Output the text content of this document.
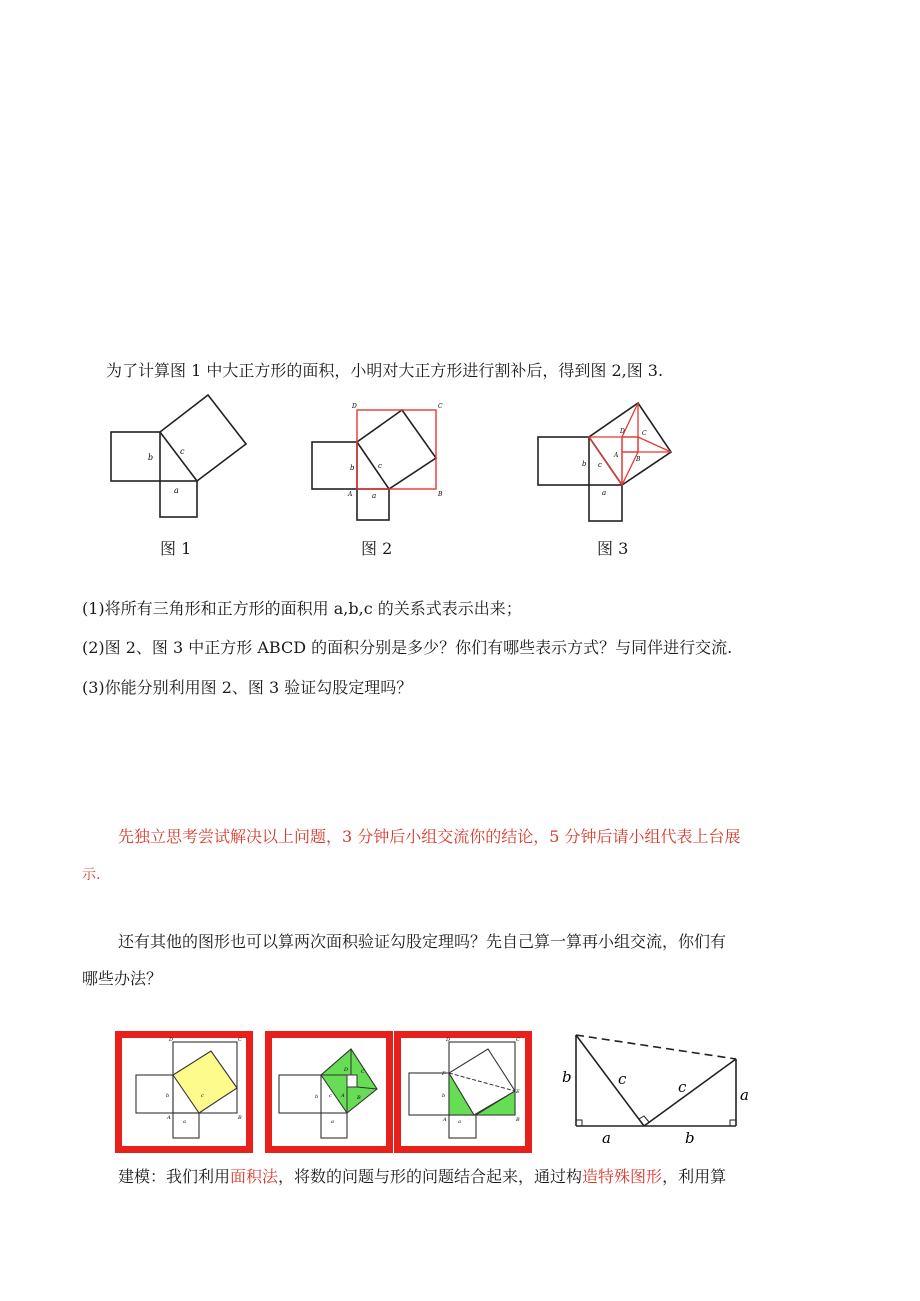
为了计算图 1 中大正方形的面积，小明对大正方形进行割补后，得到图 2,图 3.
b
c
a
图 1
D	C
A	B
b	c
a
图 2
D	C
A
B
b c
a
图 3
(1)将所有三角形和正方形的面积用 a,b,c 的关系式表示出来；
(2)图 2、图 3 中正方形 ABCD 的面积分别是多少？你们有哪些表示方式？与同伴进行交流.
(3)你能分别利用图 2、图 3 验证勾股定理吗？
先独立思考尝试解决以上问题，3 分钟后小组交流你的结论，5 分钟后请小组代表上台展
示.
还有其他的图形也可以算两次面积验证勾股定理吗？先自己算一算再小组交流，你们有
哪些办法？
D	C
A	B
b	c
a
D	C
A B
b c
a
D	C
F
E
A	B
b
a
b	c	c	a
a	b
建模：我们利用面积法，将数的问题与形的问题结合起来，通过构造特殊图形，利用算
